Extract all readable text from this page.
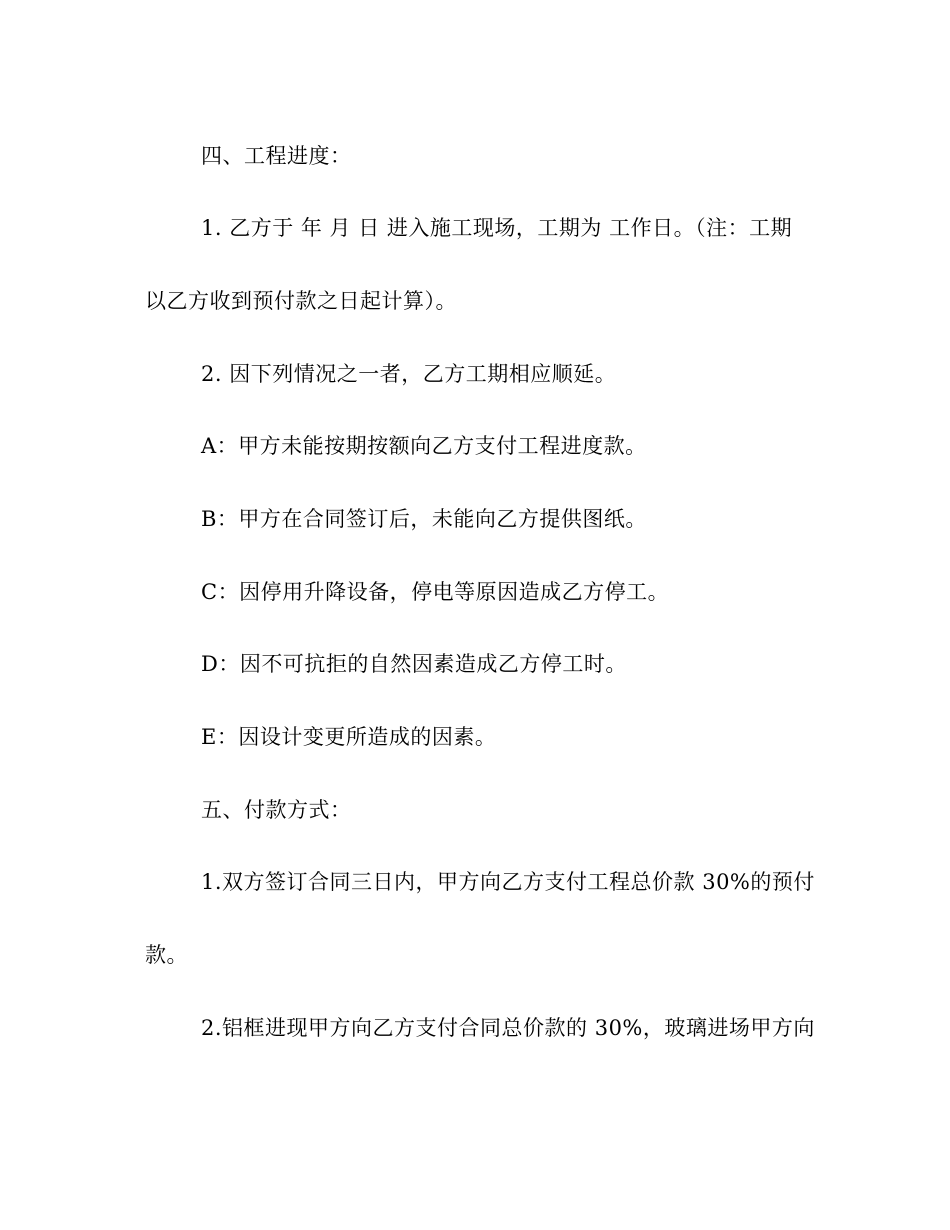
四、工程进度：
1. 乙方于 年 月 日 进入施工现场，工期为 工作日。（注：工期
以乙方收到预付款之日起计算）。
2. 因下列情况之一者，乙方工期相应顺延。
A：甲方未能按期按额向乙方支付工程进度款。
B：甲方在合同签订后，未能向乙方提供图纸。
C：因停用升降设备，停电等原因造成乙方停工。
D：因不可抗拒的自然因素造成乙方停工时。
E：因设计变更所造成的因素。
五、付款方式：
1.双方签订合同三日内，甲方向乙方支付工程总价款 30%的预付
款。
2.铝框进现甲方向乙方支付合同总价款的 30%，玻璃进场甲方向
